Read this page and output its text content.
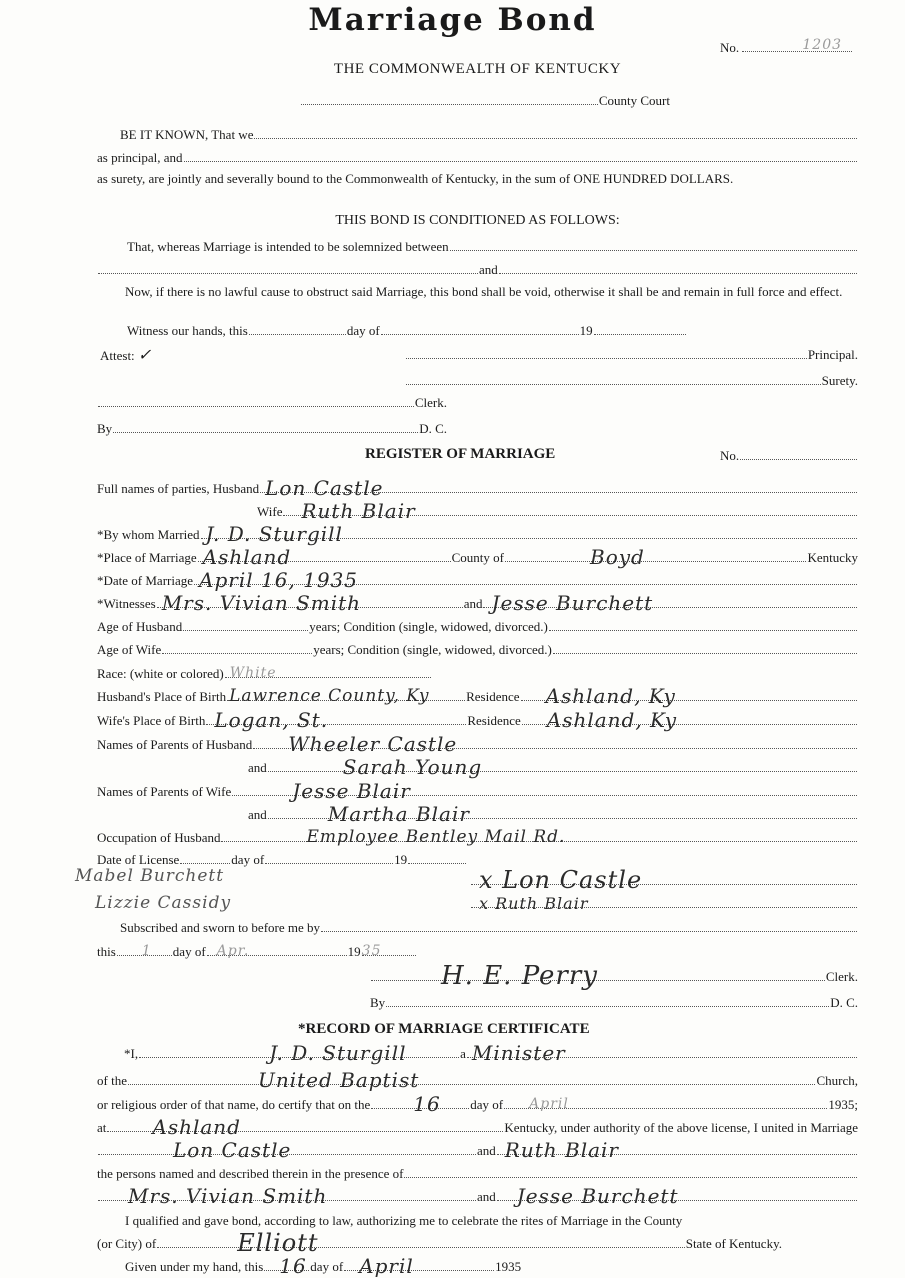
Marriage Bond
No.	1203
THE COMMONWEALTH OF KENTUCKY
County Court
BE IT KNOWN, That we
as principal, and
as surety, are jointly and severally bound to the Commonwealth of Kentucky, in the sum of ONE HUNDRED DOLLARS.
THIS BOND IS CONDITIONED AS FOLLOWS:
That, whereas Marriage is intended to be solemnized between
and
Now, if there is no lawful cause to obstruct said Marriage, this bond shall be void, otherwise it shall be and remain in full force and effect.
Witness our hands, this	day of	19
Attest: ✓	Principal.
Surety.
Clerk.
By	D. C.
REGISTER OF MARRIAGE	No.
Full names of parties, Husband Lon Castle
Wife Ruth Blair
*By whom Married J. D. Sturgill
*Place of Marriage Ashland	County of	Boyd	Kentucky
*Date of Marriage April 16, 1935
*Witnesses Mrs. Vivian Smith	and Jesse Burchett
Age of Husband	years; Condition (single, widowed, divorced.)
Age of Wife	years; Condition (single, widowed, divorced.)
Race: (white or colored) White
Husband's Place of Birth Lawrence County, Ky	Residence Ashland, Ky
Wife's Place of Birth Logan, St.	Residence Ashland, Ky
Names of Parents of Husband Wheeler Castle
and	Sarah Young
Names of Parents of Wife	Jesse Blair
and	Martha Blair
Occupation of Husband	Employee Bentley Mail Rd.
Date of License	day of	19
x Lon Castle
x Ruth Blair
Mabel Burchett
Lizzie Cassidy
Subscribed and sworn to before me by
this 1 day of Apr.	19 35
H. E. Perry	Clerk.
By	D. C.
*RECORD OF MARRIAGE CERTIFICATE
*I,	J. D. Sturgill	a Minister
of the	United Baptist	Church,
or religious order of that name, do certify that on the 16 day of April	19 35;
at Ashland	Kentucky, under authority of the above license, I united in Marriage
Lon Castle	and Ruth Blair
the persons named and described therein in the presence of
Mrs. Vivian Smith	and Jesse Burchett
I qualified and gave bond, according to law, authorizing me to celebrate the rites of Marriage in the County
(or City) of	Elliott	State of Kentucky.
Given under my hand, this 16 day of April	19 35
